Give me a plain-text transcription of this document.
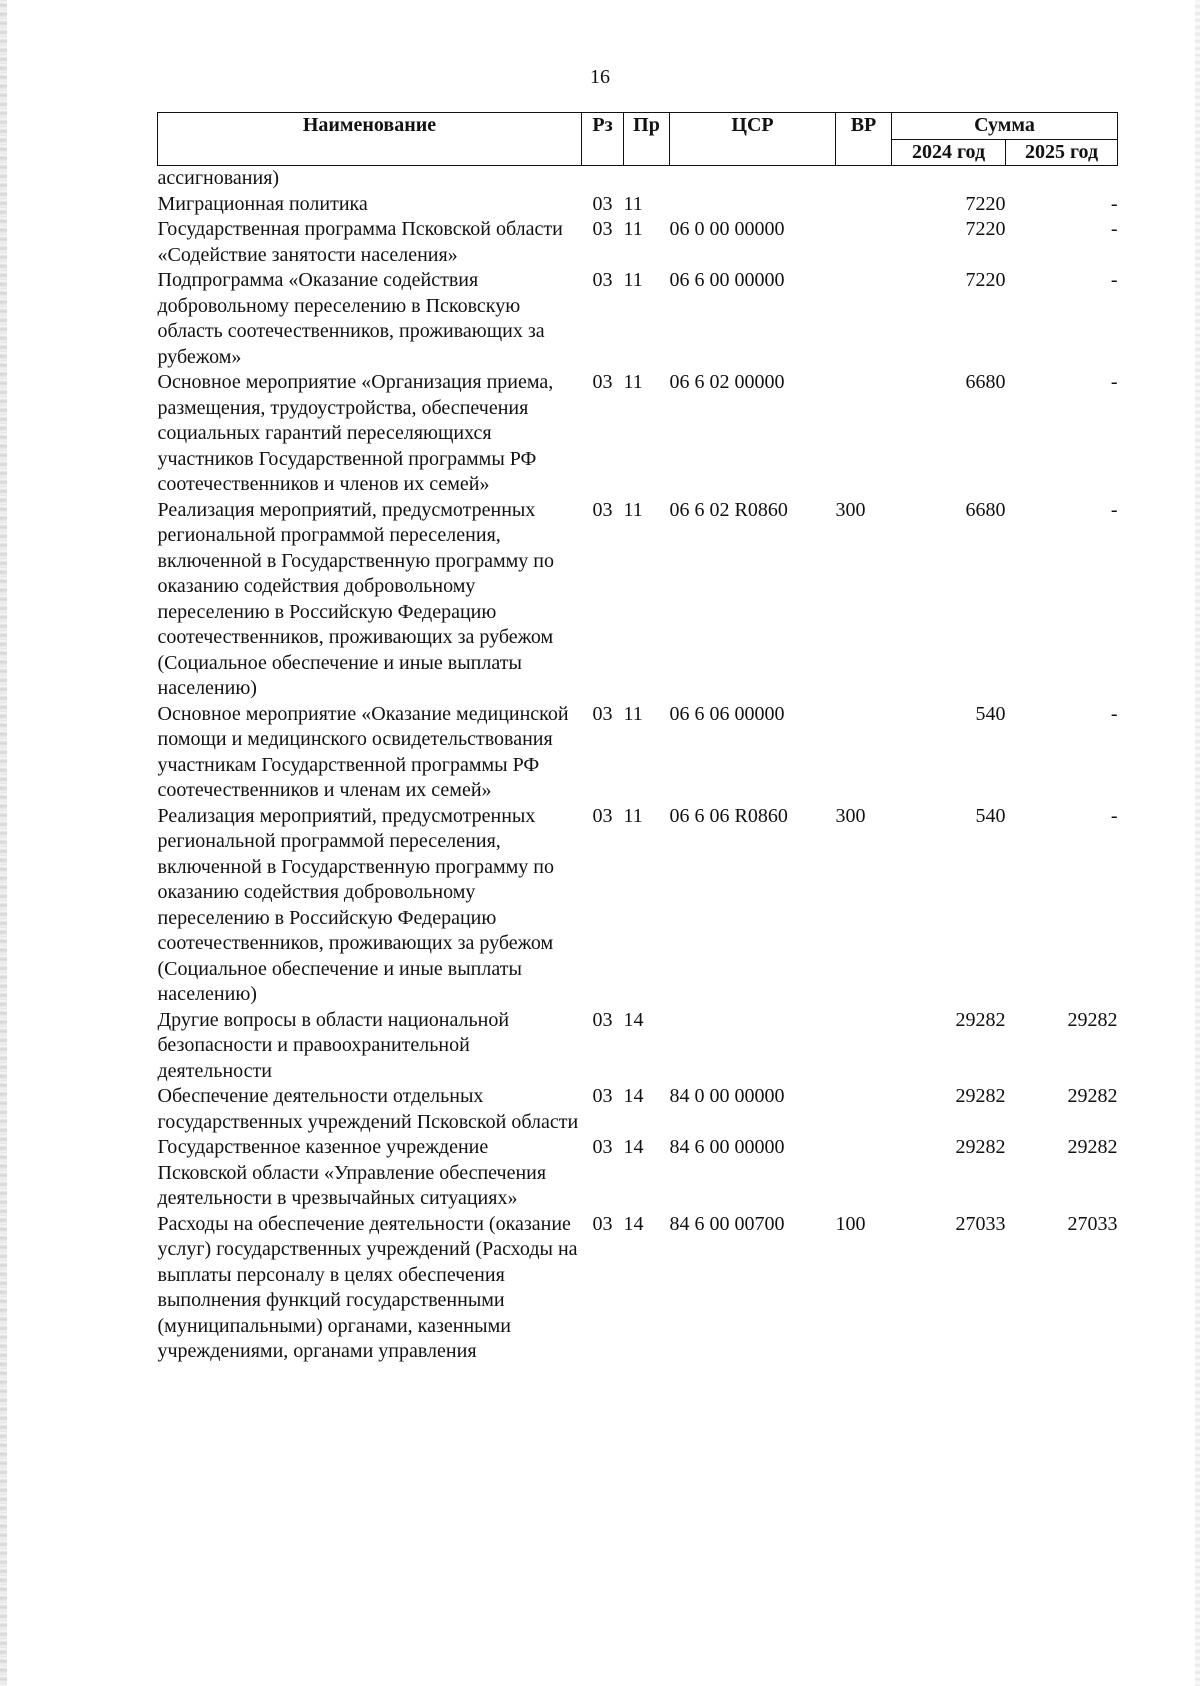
16
Наименование	Рз	Пр	ЦСР	ВР	Сумма	
					2024 год	2025 год
ассигнования)						
Миграционная политика	03	11			7220	-
Государственная программа Псковской области «Содействие занятости населения»	03	11	06 0 00 00000		7220	-
Подпрограмма «Оказание содействия добровольному переселению в Псковскую область соотечественников, проживающих за рубежом»	03	11	06 6 00 00000		7220	-
Основное мероприятие «Организация приема, размещения, трудоустройства, обеспечения социальных гарантий переселяющихся участников Государственной программы РФ соотечественников и членов их семей»	03	11	06 6 02 00000		6680	-
Реализация мероприятий, предусмотренных региональной программой переселения, включенной в Государственную программу по оказанию содействия добровольному переселению в Российскую Федерацию соотечественников, проживающих за рубежом (Социальное обеспечение и иные выплаты населению)	03	11	06 6 02 R0860	300	6680	-
Основное мероприятие «Оказание медицинской помощи и медицинского освидетельствования участникам Государственной программы РФ соотечественников и членам их семей»	03	11	06 6 06 00000		540	-
Реализация мероприятий, предусмотренных региональной программой переселения, включенной в Государственную программу по оказанию содействия добровольному переселению в Российскую Федерацию соотечественников, проживающих за рубежом (Социальное обеспечение и иные выплаты населению)	03	11	06 6 06 R0860	300	540	-
Другие вопросы в области национальной безопасности и правоохранительной деятельности	03	14			29282	29282
Обеспечение деятельности отдельных государственных учреждений Псковской области	03	14	84 0 00 00000		29282	29282
Государственное казенное учреждение Псковской области «Управление обеспечения деятельности в чрезвычайных ситуациях»	03	14	84 6 00 00000		29282	29282
Расходы на обеспечение деятельности (оказание услуг) государственных учреждений (Расходы на выплаты персоналу в целях обеспечения выполнения функций государственными (муниципальными) органами, казенными учреждениями, органами управления	03	14	84 6 00 00700	100	27033	27033
